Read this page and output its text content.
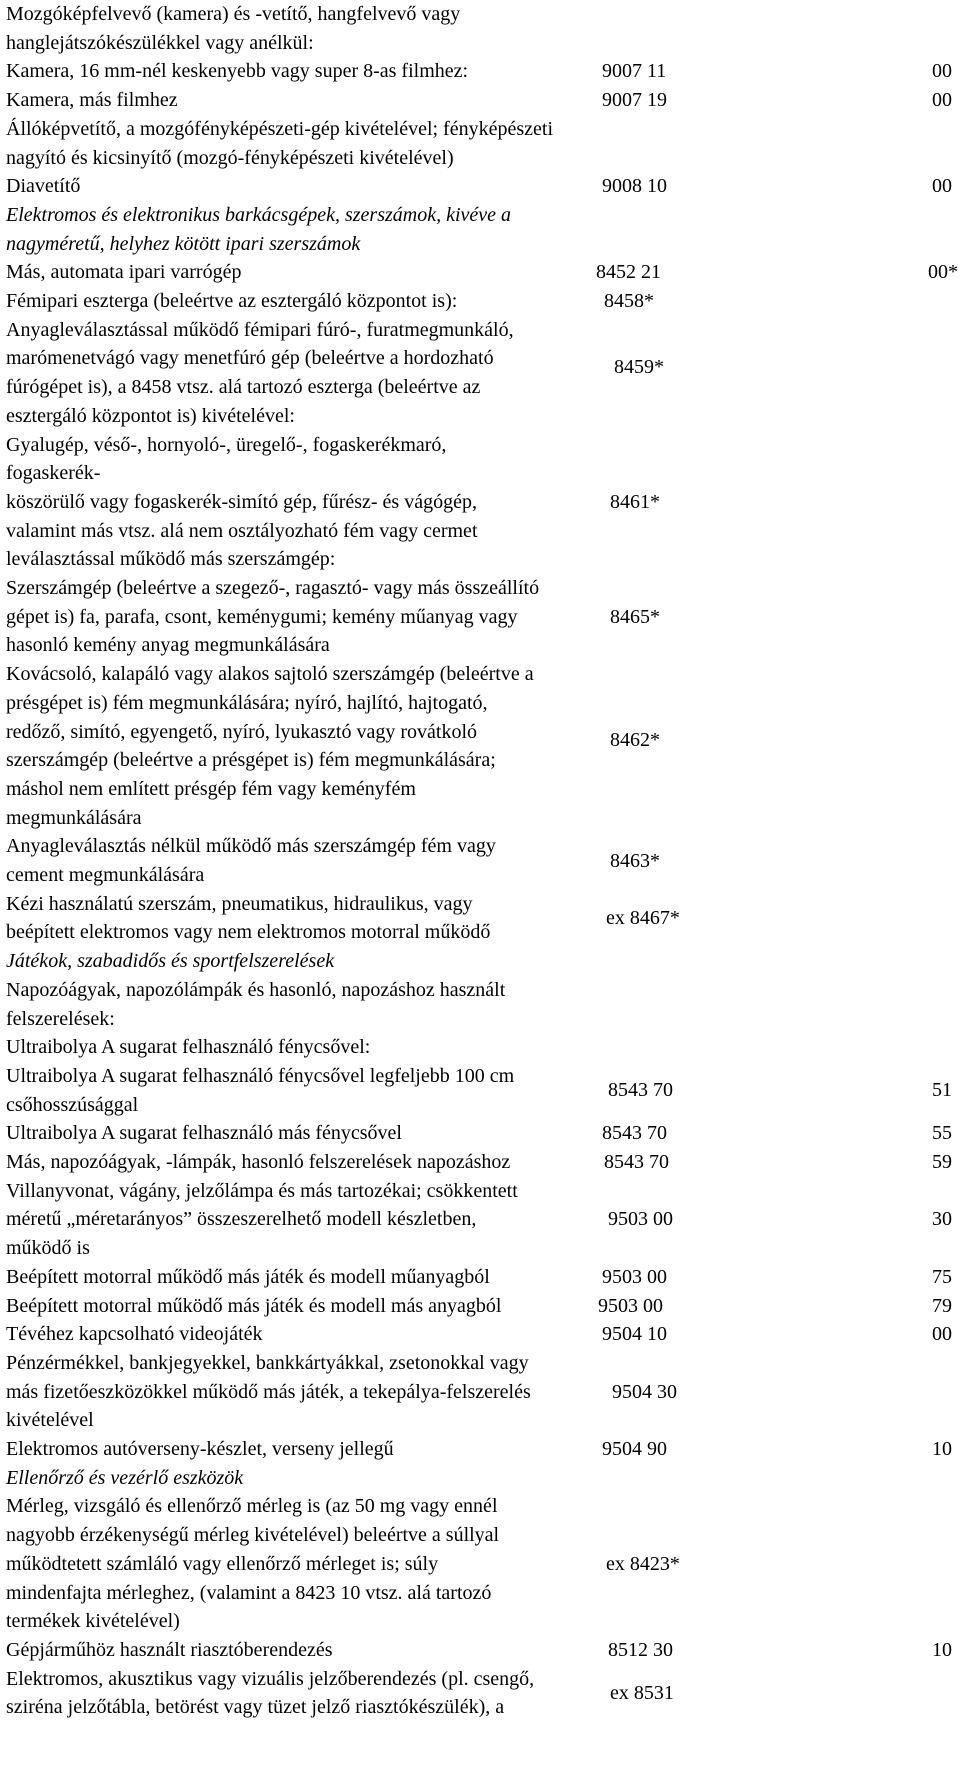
Mozgóképfelvevő (kamera) és -vetítő, hangfelvevő vagy
hanglejátszókészülékkel vagy anélkül:
Kamera, 16 mm-nél keskenyebb vagy super 8-as filmhez:	9007 11	00
Kamera, más filmhez	9007 19	00
Állóképvetítő, a mozgófényképészeti-gép kivételével; fényképészeti
nagyító és kicsinyítő (mozgó-fényképészeti kivételével)
Diavetítő	9008 10	00
Elektromos és elektronikus barkácsgépek, szerszámok, kivéve a
nagyméretű, helyhez kötött ipari szerszámok
Más, automata ipari varrógép	8452 21	00*
Fémipari eszterga (beleértve az esztergáló központot is):	8458*
Anyagleválasztással működő fémipari fúró-, furatmegmunkáló,
marómenetvágó vagy menetfúró gép (beleértve a hordozható
fúrógépet is), a 8458 vtsz. alá tartozó eszterga (beleértve az
esztergáló központot is) kivételével:
8459*
Gyalugép, véső-, hornyoló-, üregelő-, fogaskerékmaró,
fogaskerék-
köszörülő vagy fogaskerék-simító gép, fűrész- és vágógép,
valamint más vtsz. alá nem osztályozható fém vagy cermet
leválasztással működő más szerszámgép:
8461*
Szerszámgép (beleértve a szegező-, ragasztó- vagy más összeállító
gépet is) fa, parafa, csont, keménygumi; kemény műanyag vagy
hasonló kemény anyag megmunkálására
8465*
Kovácsoló, kalapáló vagy alakos sajtoló szerszámgép (beleértve a
présgépet is) fém megmunkálására; nyíró, hajlító, hajtogató,
redőző, simító, egyengető, nyíró, lyukasztó vagy rovátkoló
szerszámgép (beleértve a présgépet is) fém megmunkálására;
máshol nem említett présgép fém vagy keményfém
megmunkálására
8462*
Anyagleválasztás nélkül működő más szerszámgép fém vagy
cement megmunkálására
8463*
Kézi használatú szerszám, pneumatikus, hidraulikus, vagy
beépített elektromos vagy nem elektromos motorral működő
ex 8467*
Játékok, szabadidős és sportfelszerelések
Napozóágyak, napozólámpák és hasonló, napozáshoz használt
felszerelések:
Ultraibolya A sugarat felhasználó fénycsővel:
Ultraibolya A sugarat felhasználó fénycsővel legfeljebb 100 cm
csőhosszúsággal
8543 70	51
Ultraibolya A sugarat felhasználó más fénycsővel	8543 70	55
Más, napozóágyak, -lámpák, hasonló felszerelések napozáshoz	8543 70	59
Villanyvonat, vágány, jelzőlámpa és más tartozékai; csökkentett
méretű „méretarányos” összeszerelhető modell készletben,
működő is
9503 00	30
Beépített motorral működő más játék és modell műanyagból	9503 00	75
Beépített motorral működő más játék és modell más anyagból	9503 00	79
Tévéhez kapcsolható videojáték	9504 10	00
Pénzérmékkel, bankjegyekkel, bankkártyákkal, zsetonokkal vagy
más fizetőeszközökkel működő más játék, a tekepálya-felszerelés
kivételével
9504 30
Elektromos autóverseny-készlet, verseny jellegű	9504 90	10
Ellenőrző és vezérlő eszközök
Mérleg, vizsgáló és ellenőrző mérleg is (az 50 mg vagy ennél
nagyobb érzékenységű mérleg kivételével) beleértve a súllyal
működtetett számláló vagy ellenőrző mérleget is; súly
mindenfajta mérleghez, (valamint a 8423 10 vtsz. alá tartozó
termékek kivételével)
ex 8423*
Gépjárműhöz használt riasztóberendezés	8512 30	10
Elektromos, akusztikus vagy vizuális jelzőberendezés (pl. csengő,
sziréna jelzőtábla, betörést vagy tüzet jelző riasztókészülék), a
ex 8531
